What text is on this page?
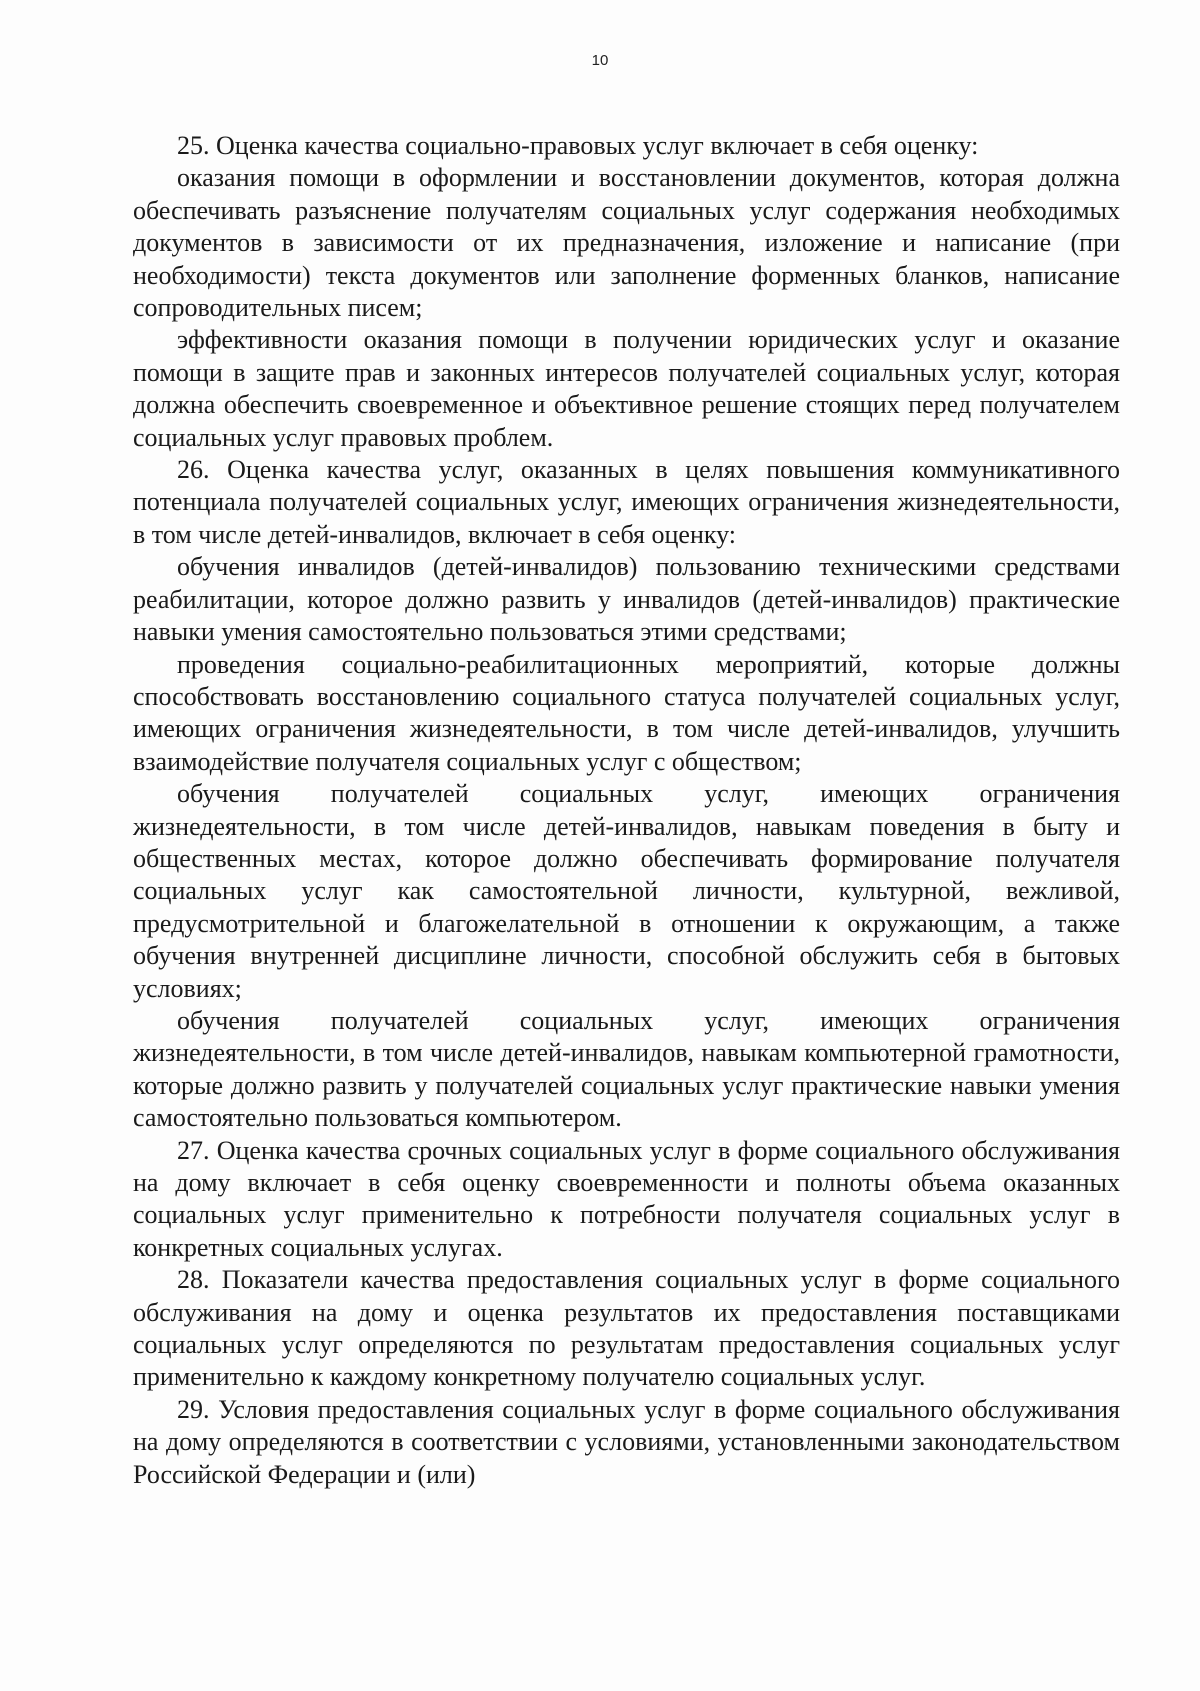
10

25. Оценка качества социально-правовых услуг включает в себя оценку:

оказания помощи в оформлении и восстановлении документов, которая должна обеспечивать разъяснение получателям социальных услуг содержания необходимых документов в зависимости от их предназначения, изложение и написание (при необходимости) текста документов или заполнение форменных бланков, написание сопроводительных писем;

эффективности оказания помощи в получении юридических услуг и оказание помощи в защите прав и законных интересов получателей социальных услуг, которая должна обеспечить своевременное и объективное решение стоящих перед получателем социальных услуг правовых проблем.

26. Оценка качества услуг, оказанных в целях повышения коммуникативного потенциала получателей социальных услуг, имеющих ограничения жизнедеятельности, в том числе детей-инвалидов, включает в себя оценку:

обучения инвалидов (детей-инвалидов) пользованию техническими средствами реабилитации, которое должно развить у инвалидов (детей-инвалидов) практические навыки умения самостоятельно пользоваться этими средствами;

проведения социально-реабилитационных мероприятий, которые должны способствовать восстановлению социального статуса получателей социальных услуг, имеющих ограничения жизнедеятельности, в том числе детей-инвалидов, улучшить взаимодействие получателя социальных услуг с обществом;

обучения получателей социальных услуг, имеющих ограничения жизнедеятельности, в том числе детей-инвалидов, навыкам поведения в быту и общественных местах, которое должно обеспечивать формирование получателя социальных услуг как самостоятельной личности, культурной, вежливой, предусмотрительной и благожелательной в отношении к окружающим, а также обучения внутренней дисциплине личности, способной обслужить себя в бытовых условиях;

обучения получателей социальных услуг, имеющих ограничения жизнедеятельности, в том числе детей-инвалидов, навыкам компьютерной грамотности, которые должно развить у получателей социальных услуг практические навыки умения самостоятельно пользоваться компьютером.

27. Оценка качества срочных социальных услуг в форме социального обслуживания на дому включает в себя оценку своевременности и полноты объема оказанных социальных услуг применительно к потребности получателя социальных услуг в конкретных социальных услугах.

28. Показатели качества предоставления социальных услуг в форме социального обслуживания на дому и оценка результатов их предоставления поставщиками социальных услуг определяются по результатам предоставления социальных услуг применительно к каждому конкретному получателю социальных услуг.

29. Условия предоставления социальных услуг в форме социального обслуживания на дому определяются в соответствии с условиями, установленными законодательством Российской Федерации и (или)
